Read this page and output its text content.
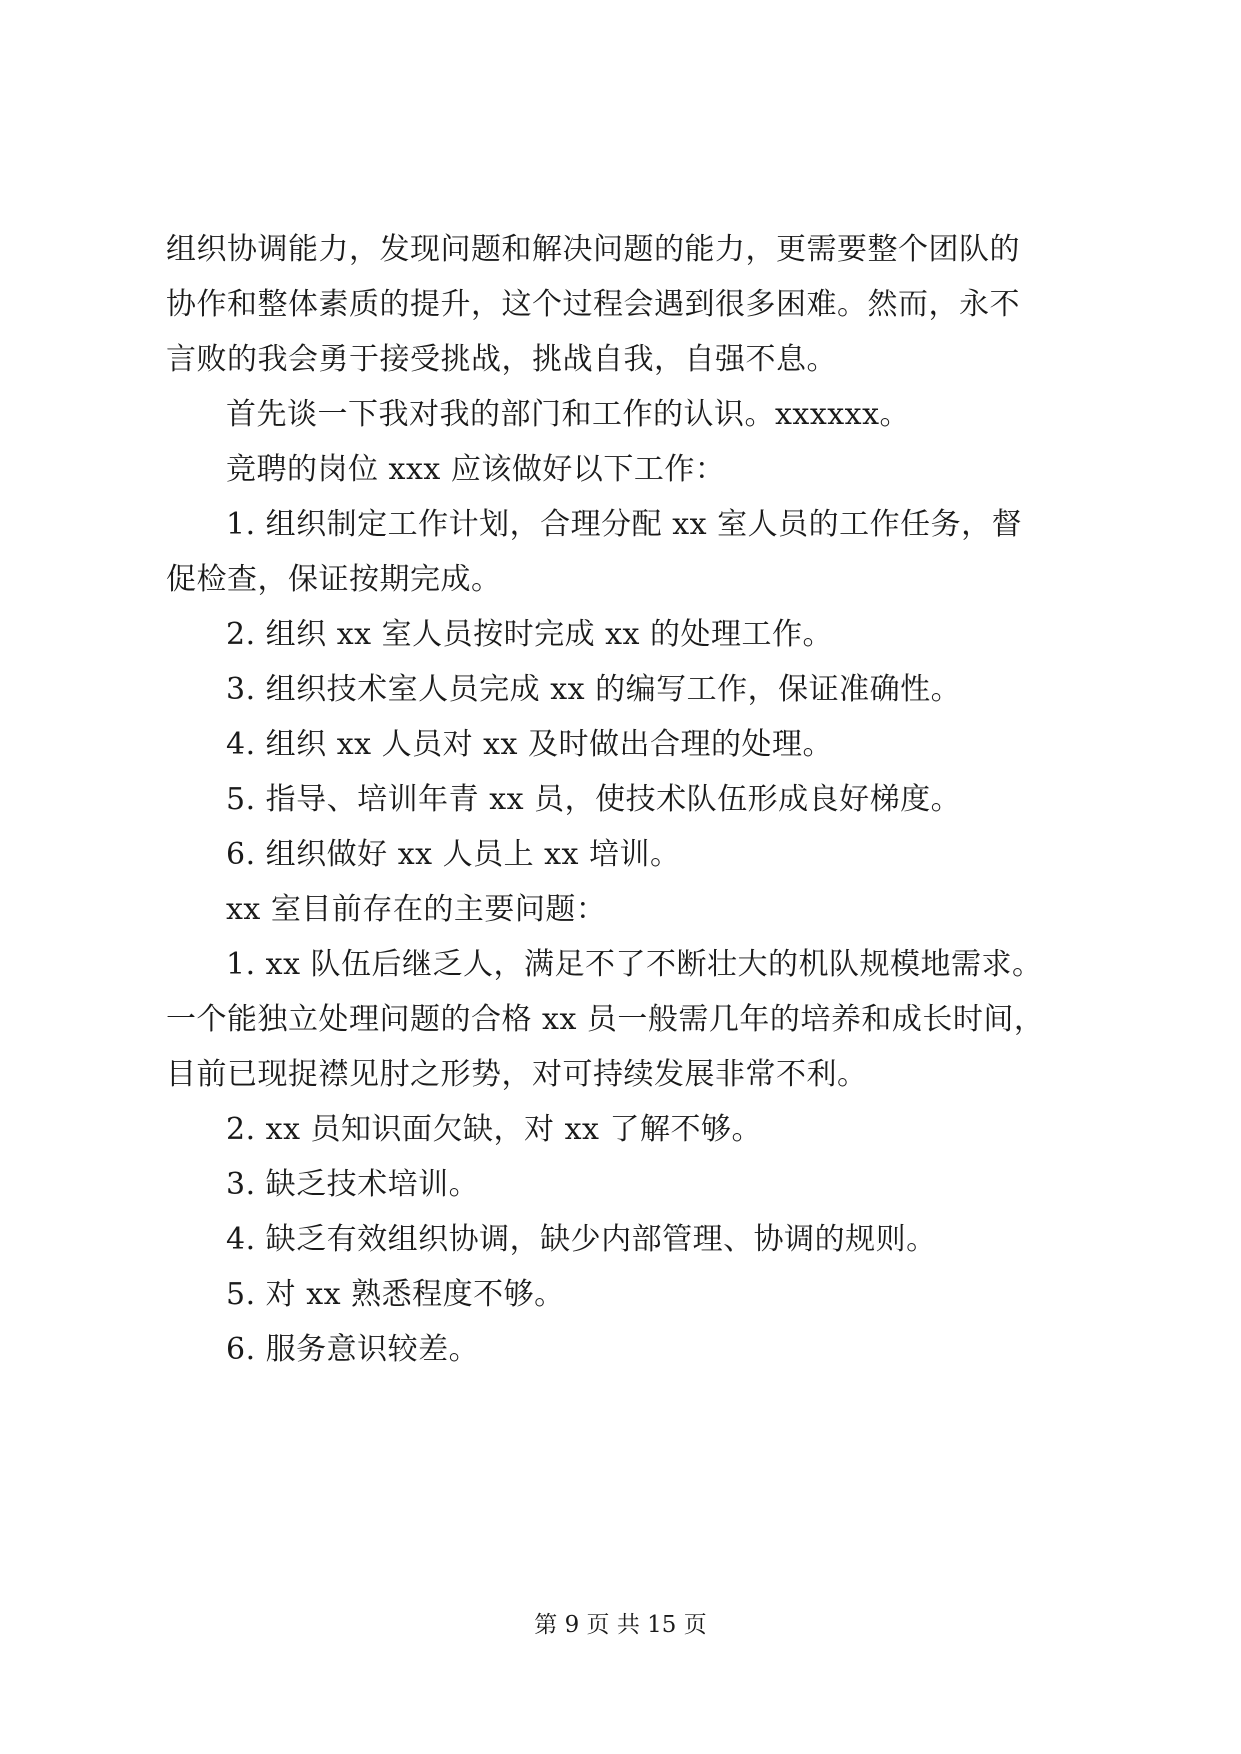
组织协调能力，发现问题和解决问题的能力，更需要整个团队的
协作和整体素质的提升，这个过程会遇到很多困难。然而，永不
言败的我会勇于接受挑战，挑战自我，自强不息。
首先谈一下我对我的部门和工作的认识。xxxxxx。
竞聘的岗位 xxx 应该做好以下工作：
1. 组织制定工作计划，合理分配 xx 室人员的工作任务，督
促检查，保证按期完成。
2. 组织 xx 室人员按时完成 xx 的处理工作。
3. 组织技术室人员完成 xx 的编写工作，保证准确性。
4. 组织 xx 人员对 xx 及时做出合理的处理。
5. 指导、培训年青 xx 员，使技术队伍形成良好梯度。
6. 组织做好 xx 人员上 xx 培训。
xx 室目前存在的主要问题：
1. xx 队伍后继乏人，满足不了不断壮大的机队规模地需求。
一个能独立处理问题的合格 xx 员一般需几年的培养和成长时间，
目前已现捉襟见肘之形势，对可持续发展非常不利。
2. xx 员知识面欠缺，对 xx 了解不够。
3. 缺乏技术培训。
4. 缺乏有效组织协调，缺少内部管理、协调的规则。
5. 对 xx 熟悉程度不够。
6. 服务意识较差。
第 9 页 共 15 页
